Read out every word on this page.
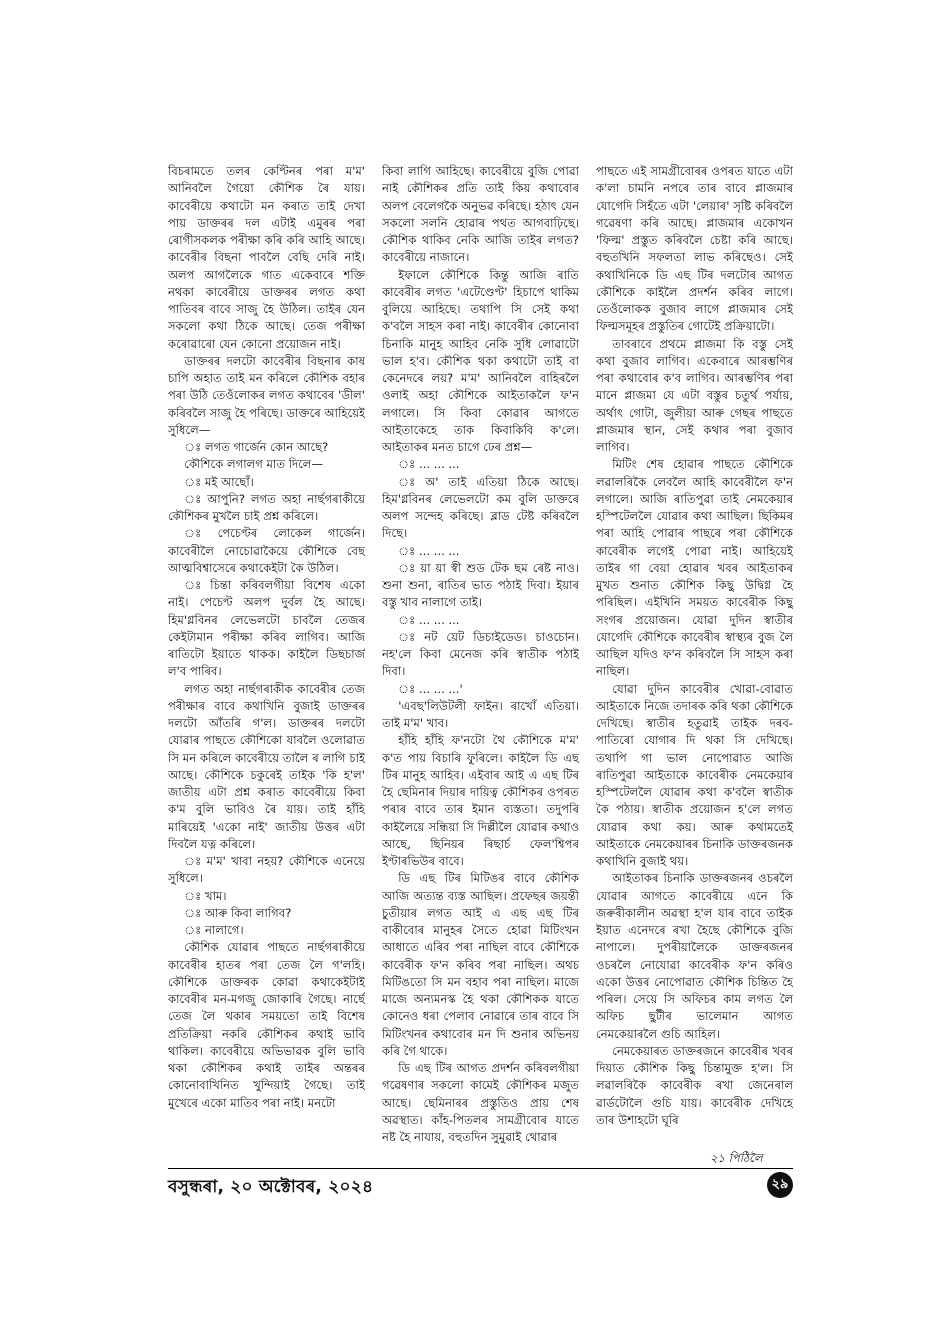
বিচৰামতে তলৰ কেণ্টিনৰ পৰা ম'ম' আনিবলৈ গৈয়ো কৌশিক ৰৈ যায়। কাবেৰীয়ে কথাটো মন কৰাত তাই দেখা পায় ডাক্তৰৰ দল এটাই এমুৰৰ পৰা ৰোগীসকলক পৰীক্ষা কৰি কৰি আহি আছে। কাবেৰীৰ বিছনা পাবলৈ বেছি দেৰি নাই। অলপ আগলৈকে গাত একেবাৰে শক্তি নথকা কাবেৰীয়ে ডাক্তৰৰ লগত কথা পাতিবৰ বাবে সাজু হৈ উঠিল। তাইৰ যেন সকলো কথা ঠিকে আছে। তেজ পৰীক্ষা কৰোৱাৰো যেন কোনো প্ৰয়োজন নাই।

ডাক্তৰৰ দলটো কাবেৰীৰ বিছনাৰ কাষ চাপি অহাত তাই মন কৰিলে কৌশিক বহাৰ পৰা উঠি তেওঁলোকৰ লগত কথাবেৰ 'ডীল' কৰিবলৈ সাজু হৈ পৰিছে। ডাক্তৰে আহিয়েই সুধিলে—

ঃ লগত গাৰ্জেন কোন আছে?

কৌশিকে লগালগ মাত দিলে—

ঃ মই আছোঁ।

ঃ আপুনি? লগত অহা নাৰ্ছগৰাকীয়ে কৌশিকৰ মুখলৈ চাই প্ৰশ্ন কৰিলে।

ঃ পেচেণ্টৰ লোকেল গাৰ্জেন। কাবেৰীলৈ নোচোৱাকৈয়ে কৌশিকে বেছ আত্মবিশ্বাসেৰে কথাকেইটা কৈ উঠিল।

ঃ চিন্তা কৰিবলগীয়া বিশেষ একো নাই। পেচেণ্ট অলপ দুৰ্বল হৈ আছে। হিম'গ্লবিনৰ লেভেলটো চাবলৈ তেজৰ কেইটামান পৰীক্ষা কৰিব লাগিব। আজি ৰাতিটো ইয়াতে থাকক। কাইলৈ ডিছচাৰ্জ ল'ব পাৰিব।

লগত অহা নাৰ্ছগৰাকীক কাবেৰীৰ তেজ পৰীক্ষাৰ বাবে কথাখিনি বুজাই ডাক্তৰৰ দলটো আঁতৰি গ'ল। ডাক্তৰৰ দলটো যোৱাৰ পাছতে কৌশিকো যাবলৈ ওলোৱাত সি মন কৰিলে কাবেৰীয়ে তালৈ ৰ লাগি চাই আছে। কৌশিকে চকুৰেই তাইক 'কি হ'ল' জাতীয় এটা প্ৰশ্ন কৰাত কাবেৰীয়ে কিবা ক'ম বুলি ভাবিও ৰৈ যায়। তাই হাঁহি মাৰিয়েই 'একো নাই' জাতীয় উত্তৰ এটা দিবলৈ যত্ন কৰিলে।

ঃ ম'ম' খাবা নহয়? কৌশিকে এনেয়ে সুধিলে।

ঃ খাম।

ঃ আৰু কিবা লাগিব?

ঃ নালাগে।

কৌশিক যোৱাৰ পাছতে নাৰ্ছগৰাকীয়ে কাবেৰীৰ হাতৰ পৰা তেজ লৈ গ'লহি। কৌশিকে ডাক্তৰক কোৱা কথাকেইটাই কাবেৰীৰ মন-মগজু জোকাৰি গৈছে। নাৰ্ছে তেজ লৈ থকাৰ সময়তো তাই বিশেষ প্ৰতিক্ৰিয়া নকৰি কৌশিকৰ কথাই ভাবি থাকিল। কাবেৰীয়ে অভিভাৱক বুলি ভাবি থকা কৌশিকৰ কথাই তাইৰ অন্তৰৰ কোনোবাখিনিত খুন্দিয়াই গৈছে। তাই মুখেৰে একো মাতিব পৰা নাই। মনটো

কিবা লাগি আহিছে। কাবেৰীয়ে বুজি পোৱা নাই কৌশিকৰ প্ৰতি তাই কিয় কথাবোৰ অলপ বেলেগকৈ অনুভৱ কৰিছে। হঠাৎ যেন সকলো সলনি হোৱাৰ পথত আগবাঢ়িছে। কৌশিক থাকিব নেকি আজি তাইৰ লগত? কাবেৰীয়ে নাজানে।

ইফালে কৌশিকে কিন্তু আজি ৰাতি কাবেৰীৰ লগত 'এটেণ্ডেণ্ট' হিচাপে থাকিম বুলিয়ে আহিছে। তথাপি সি সেই কথা ক'বলৈ সাহস কৰা নাই। কাবেৰীৰ কোনোবা চিনাকি মানুহ আহিব নেকি সুধি লোৱাটো ভাল হ'ব। কৌশিক থকা কথাটো তাই বা কেনেদৰে লয়? ম'ম' আনিবলৈ বাহিৰলৈ ওলাই অহা কৌশিকে আইতাকলৈ ফ'ন লগালে। সি কিবা কোৱাৰ আগতে আইতাকেহে তাক কিবাকিবি ক'লে। আইতাকৰ মনত চাগে ঢেৰ প্ৰশ্ন—

ঃ ... ... ...

ঃ অ' তাই এতিয়া ঠিকে আছে। হিম'গ্লবিনৰ লেভেলটো কম বুলি ডাক্তৰে অলপ সন্দেহ কৰিছে। ব্লাড টেষ্ট কৰিবলৈ দিছে।

ঃ ... ... ...

ঃ য়া য়া স্বী শুড টেক ছম ৰেষ্ট নাও। শুনা শুনা, ৰাতিৰ ভাত পঠাই দিবা। ইয়াৰ বস্তু খাব নালাগে তাই।

ঃ ... ... ...

ঃ নট য়েট ডিচাইডেড। চাওচোন। নহ'লে কিবা মেনেজ কৰি স্বাতীক পঠাই দিবা।

ঃ ... ... ...'

'এবছ'লিউটলী ফাইন। ৰাখোঁ এতিয়া। তাই ম'ম' খাব।

হাঁহি হাঁহি ফ'নটো থৈ কৌশিকে ম'ম' ক'ত পায় বিচাৰি ফুৰিলে। কাইলৈ ডি এছ টিৰ মানুহ আহিব। এইবাৰ আই এ এছ টিৰ হৈ ছেমিনাৰ দিয়াৰ দায়িত্ব কৌশিকৰ ওপৰত পৰাৰ বাবে তাৰ ইমান ব্যস্ততা। তদুপৰি কাইলৈয়ে সন্ধিয়া সি দিল্লীলৈ যোৱাৰ কথাও আছে, ছিনিয়ৰ ৰিছাৰ্চ ফেল'শ্বিপৰ ইণ্টাৰভিউৰ বাবে।

ডি এছ টিৰ মিটিঙৰ বাবে কৌশিক আজি অত্যন্ত ব্যস্ত আছিল। প্ৰফেছৰ জয়ন্তী চুতীয়াৰ লগত আই এ এছ এছ টিৰ বাকীবোৰ মানুহৰ সৈতে হোৱা মিটিংখন আধাতে এৰিব পৰা নাছিল বাবে কৌশিকে কাবেৰীক ফ'ন কৰিব পৰা নাছিল। অথচ মিটিঙতো সি মন বহাব পৰা নাছিল। মাজে মাজে অন্যমনস্ক হৈ থকা কৌশিকক যাতে কোনেও ধৰা পেলাব নোৱাৰে তাৰ বাবে সি মিটিংখনৰ কথাবোৰ মন দি শুনাৰ অভিনয় কৰি গৈ থাকে।

ডি এছ টিৰ আগত প্ৰদৰ্শন কৰিবলগীয়া গৱেষণাৰ সকলো কামেই কৌশিকৰ মজুত আছে। ছেমিনাৰৰ প্ৰস্তুতিও প্ৰায় শেষ অৱস্থাত। কাঁহ-পিতলৰ সামগ্ৰীবোৰ যাতে নষ্ট হৈ নাযায়, বহুতদিন সুমুৱাই থোৱাৰ

পাছতে এই সামগ্ৰীবোৰৰ ওপৰত যাতে এটা ক'লা চামনি নপৰে তাৰ বাবে প্লাজমাৰ যোগেদি সিহঁতে এটা 'লেয়াৰ' সৃষ্টি কৰিবলৈ গৱেষণা কৰি আছে। প্লাজমাৰ একোখন 'ফিল্ম' প্ৰস্তুত কৰিবলৈ চেষ্টা কৰি আছে। বহুতখিনি সফলতা লাভ কৰিছেও। সেই কথাখিনিকে ডি এছ টিৰ দলটোৰ আগত কৌশিকে কাইলৈ প্ৰদৰ্শন কৰিব লাগে। তেওঁলোকক বুজাব লাগে প্লাজমাৰ সেই ফিল্মসমূহৰ প্ৰস্তুতিৰ গোটেই প্ৰক্ৰিয়াটো।

তাবৰাবে প্ৰথমে প্লাজমা কি বস্তু সেই কথা বুজাব লাগিব। একেবাৰে আৰম্ভণিৰ পৰা কথাবোৰ ক'ব লাগিব। আৰম্ভণিৰ পৰা মানে প্লাজমা যে এটা বস্তুৰ চতুৰ্থ পৰ্যায়, অৰ্থাৎ গোটা, জুলীয়া আৰু গেছৰ পাছতে প্লাজমাৰ স্থান, সেই কথাৰ পৰা বুজাব লাগিব।

মিটিং শেষ হোৱাৰ পাছতে কৌশিকে লৱালৰিকৈ লেবলৈ আহি কাবেৰীলৈ ফ'ন লগালে। আজি ৰাতিপুৱা তাই নেমকেয়াৰ হস্পিটেললৈ যোৱাৰ কথা আছিল। ছিকিমৰ পৰা আহি পোৱাৰ পাছৰে পৰা কৌশিকে কাবেৰীক লগেই পোৱা নাই। আহিয়েই তাইৰ গা বেয়া হোৱাৰ খবৰ আইতাকৰ মুখত শুনাত কৌশিক কিছু উদ্বিগ্ন হৈ পৰিছিল। এইখিনি সময়ত কাবেৰীক কিছু সংগৰ প্ৰয়োজন। যোৱা দুদিন স্বাতীৰ যোগেদি কৌশিকে কাবেৰীৰ স্বাস্থ্যৰ বুজ লৈ আছিল যদিও ফ'ন কৰিবলৈ সি সাহস কৰা নাছিল।

যোৱা দুদিন কাবেৰীৰ খোৱা-বোৱাত আইতাকে নিজে তদাৰক কৰি থকা কৌশিকে দেখিছে। স্বাতীৰ হতুৱাই তাইক দৰব-পাতিৰো যোগাৰ দি থকা সি দেখিছে। তথাপি গা ভাল নোপোৱাত আজি ৰাতিপুৱা আইতাকে কাবেৰীক নেমকেয়াৰ হস্পিটেললৈ যোৱাৰ কথা ক'বলৈ স্বাতীক কৈ পঠায়। স্বাতীক প্ৰয়োজন হ'লে লগত যোৱাৰ কথা কয়। আৰু কথামতেই আইতাকে নেমকেয়াৰৰ চিনাকি ডাক্তৰজনক কথাখিনি বুজাই থয়।

আইতাকৰ চিনাকি ডাক্তৰজনৰ ওচৰলৈ যোৱাৰ আগতে কাবেৰীয়ে এনে কি জৰুৰীকালীন অৱস্থা হ'ল যাৰ বাবে তাইক ইয়াত এনেদৰে ৰখা হৈছে কৌশিকে বুজি নাপালে। দুপৰীয়ালৈকে ডাক্তৰজনৰ ওচৰলৈ নোযোৱা কাবেৰীক ফ'ন কৰিও একো উত্তৰ নোপোৱাত কৌশিক চিন্তিত হৈ পৰিল। সেয়ে সি অফিচৰ কাম লগত লৈ অফিচ ছুটীৰ ভালেমান আগত নেমকেয়াৰলৈ গুচি আহিল।

নেমকেয়াৰত ডাক্তৰজনে কাবেৰীৰ খবৰ দিয়াত কৌশিক কিছু চিন্তামুক্ত হ'ল। সি লৱালৰিকৈ কাবেৰীক ৰখা জেনেৰাল ৱাৰ্ডটোলৈ গুচি যায়। কাবেৰীক দেখিহে তাৰ উশাহটো ঘূৰি

২১ পিঠিলৈ
বসুন্ধৰা, ২০ অক্টোবৰ, ২০২৪	২৯
